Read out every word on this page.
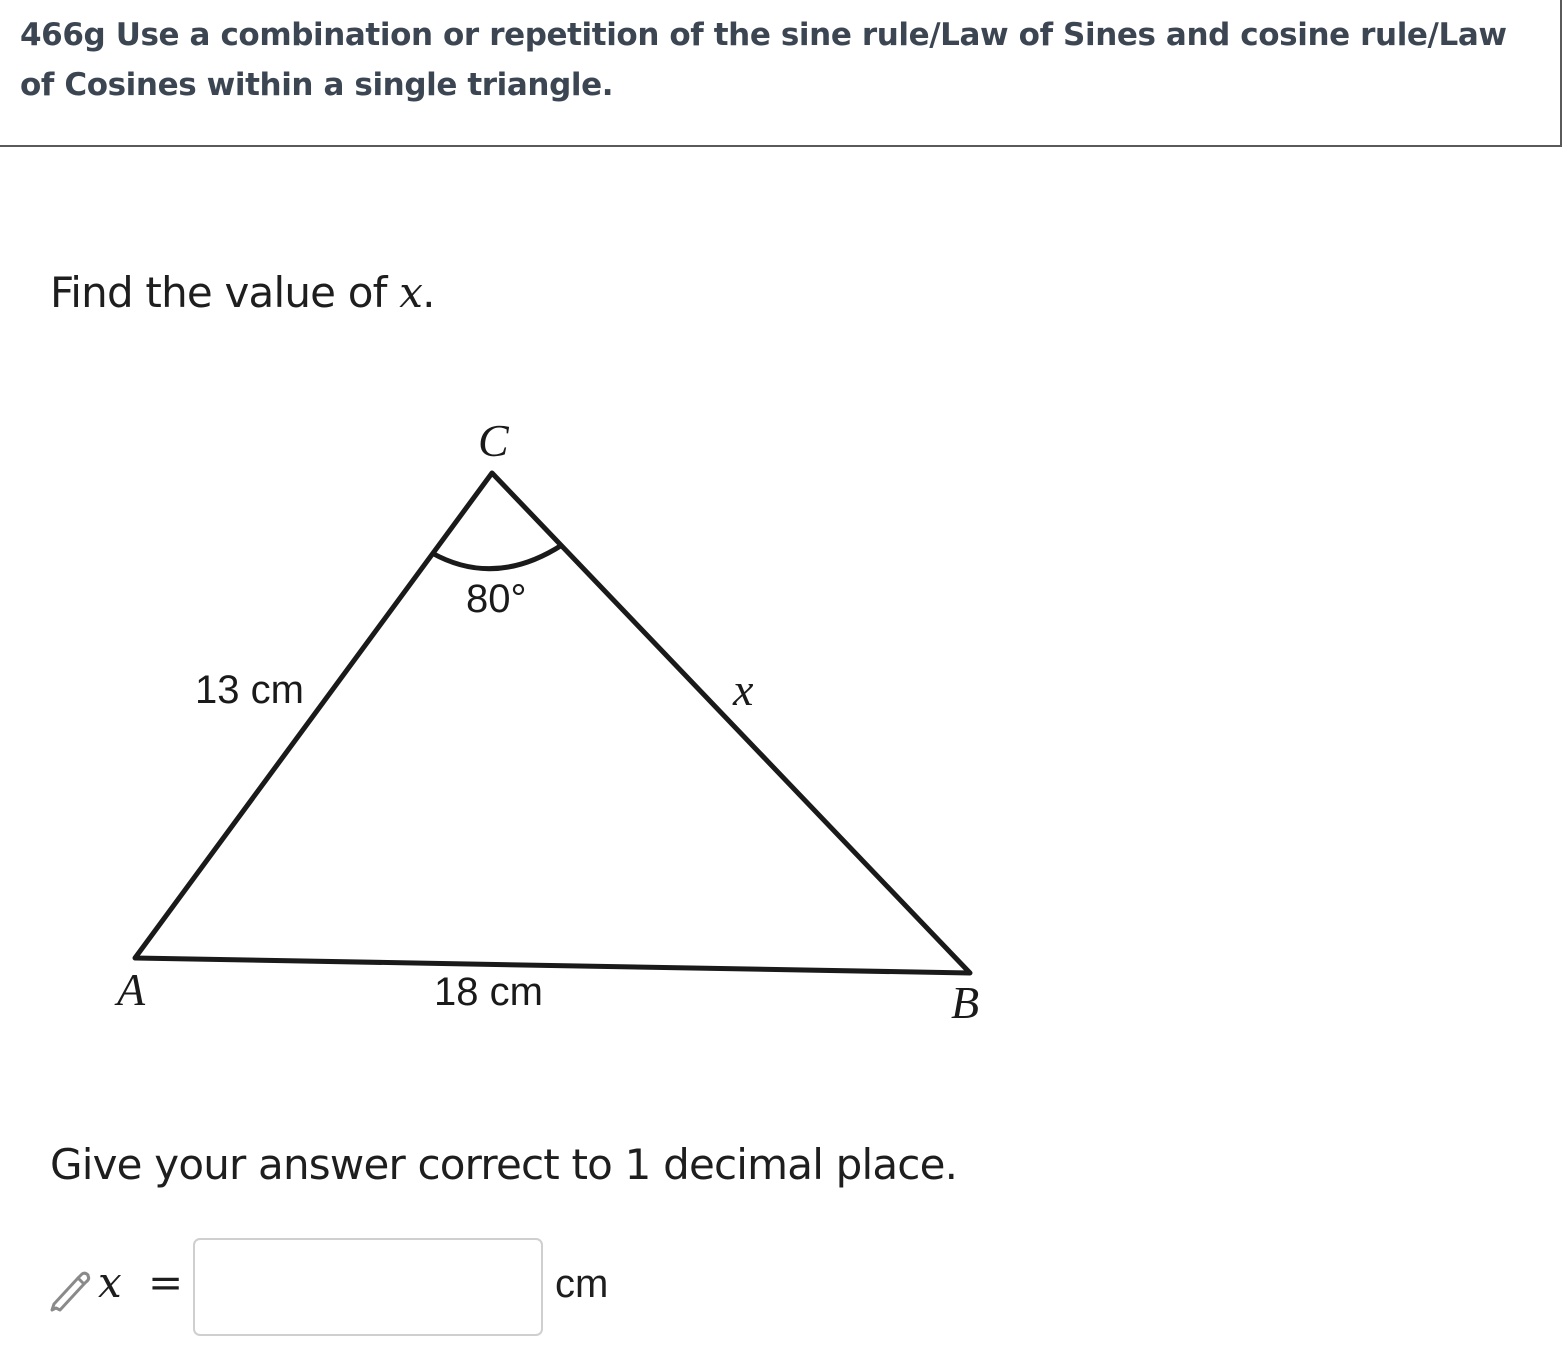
466g Use a combination or repetition of the sine rule/Law of Sines and cosine rule/Law of Cosines within a single triangle.
Find the value of x.
C
A	B
80°
13 cm
18 cm
x
Give your answer correct to 1 decimal place.
x =	cm
